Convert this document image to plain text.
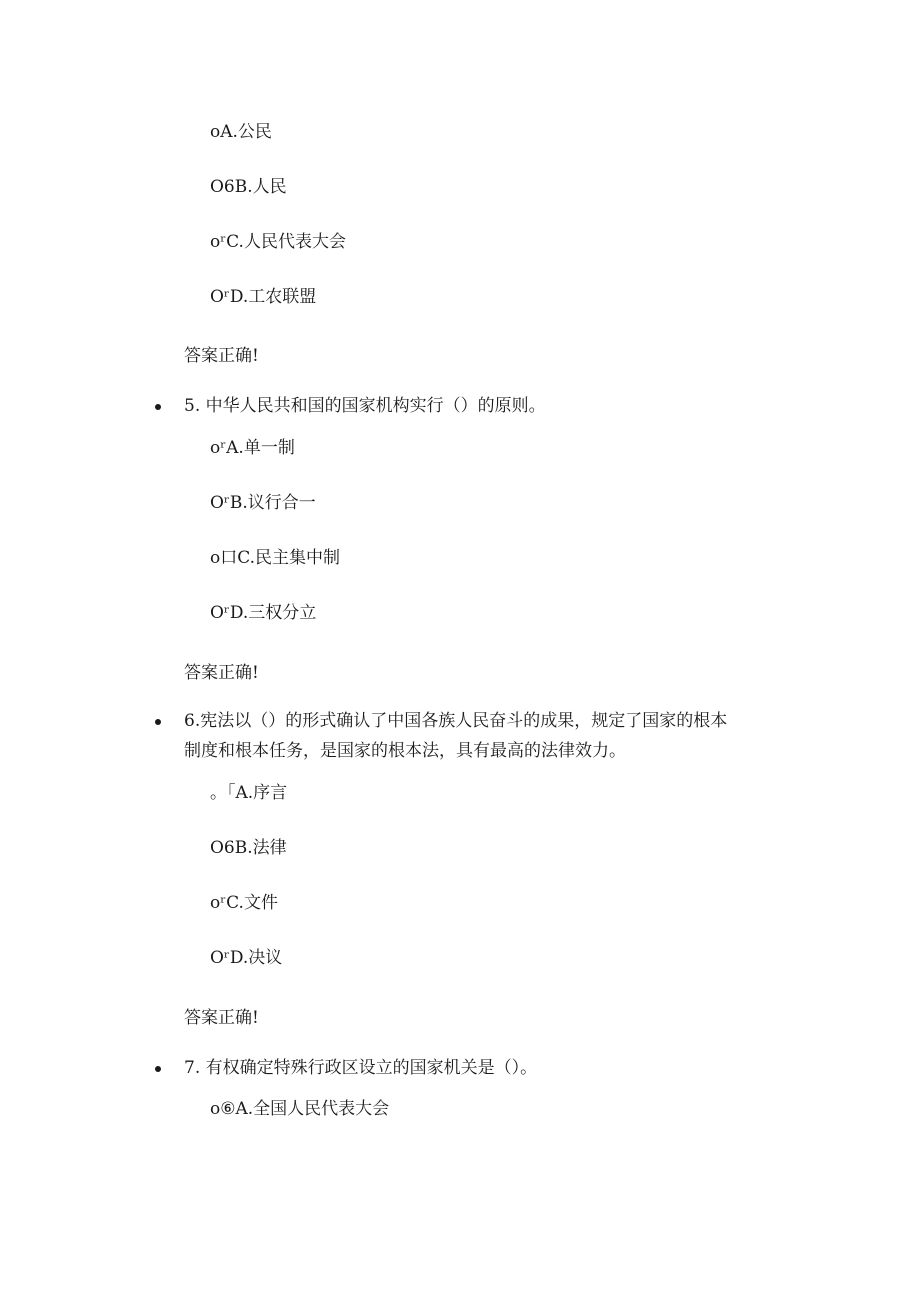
oA.公民
O6B.人民
oʳC.人民代表大会
OʳD.工农联盟
答案正确!
5. 中华人民共和国的国家机构实行（）的原则。
oʳA.单一制
OʳB.议行合一
o口C.民主集中制
OʳD.三权分立
答案正确!
6.宪法以（）的形式确认了中国各族人民奋斗的成果，规定了国家的根本
制度和根本任务，是国家的根本法，具有最高的法律效力。
。「A.序言
O6B.法律
oʳC.文件
OʳD.决议
答案正确!
7. 有权确定特殊行政区设立的国家机关是（）。
o⑥A.全国人民代表大会
